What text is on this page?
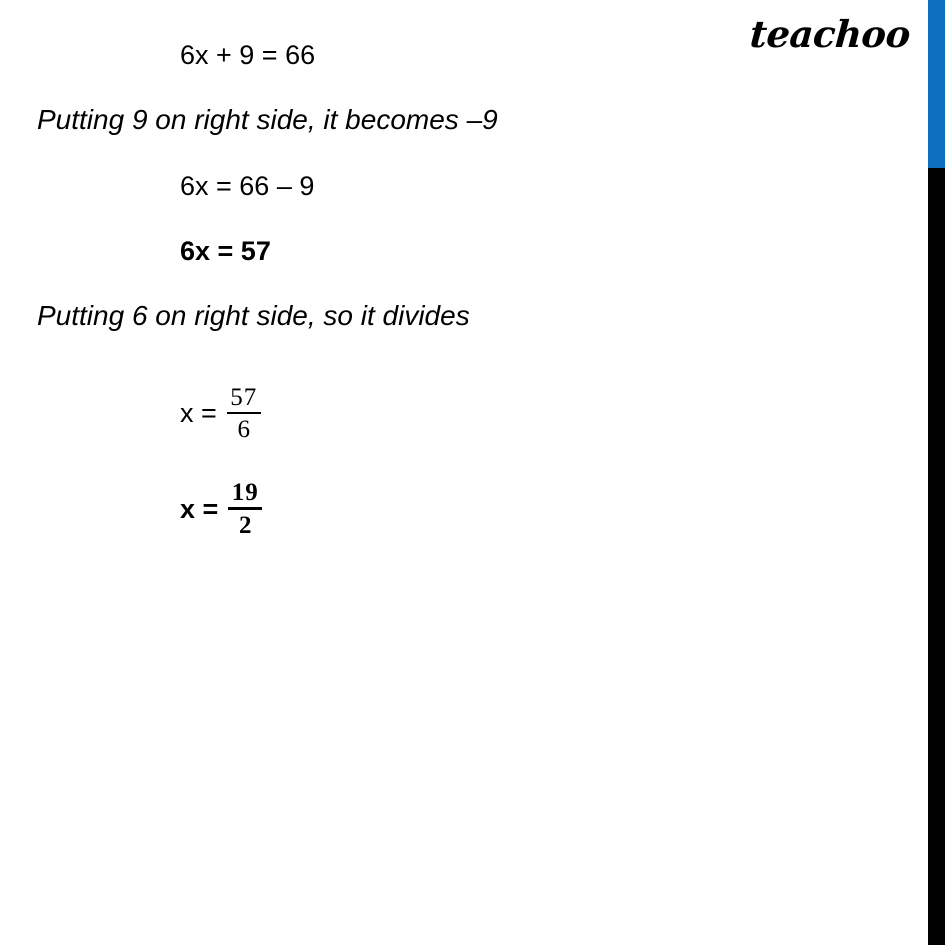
teachoo
6x + 9 = 66
Putting 9 on right side, it becomes –9
6x = 66 – 9
6x = 57
Putting 6 on right side, so it divides
$x = \frac{57}{6}$
$x = \frac{19}{2}$
